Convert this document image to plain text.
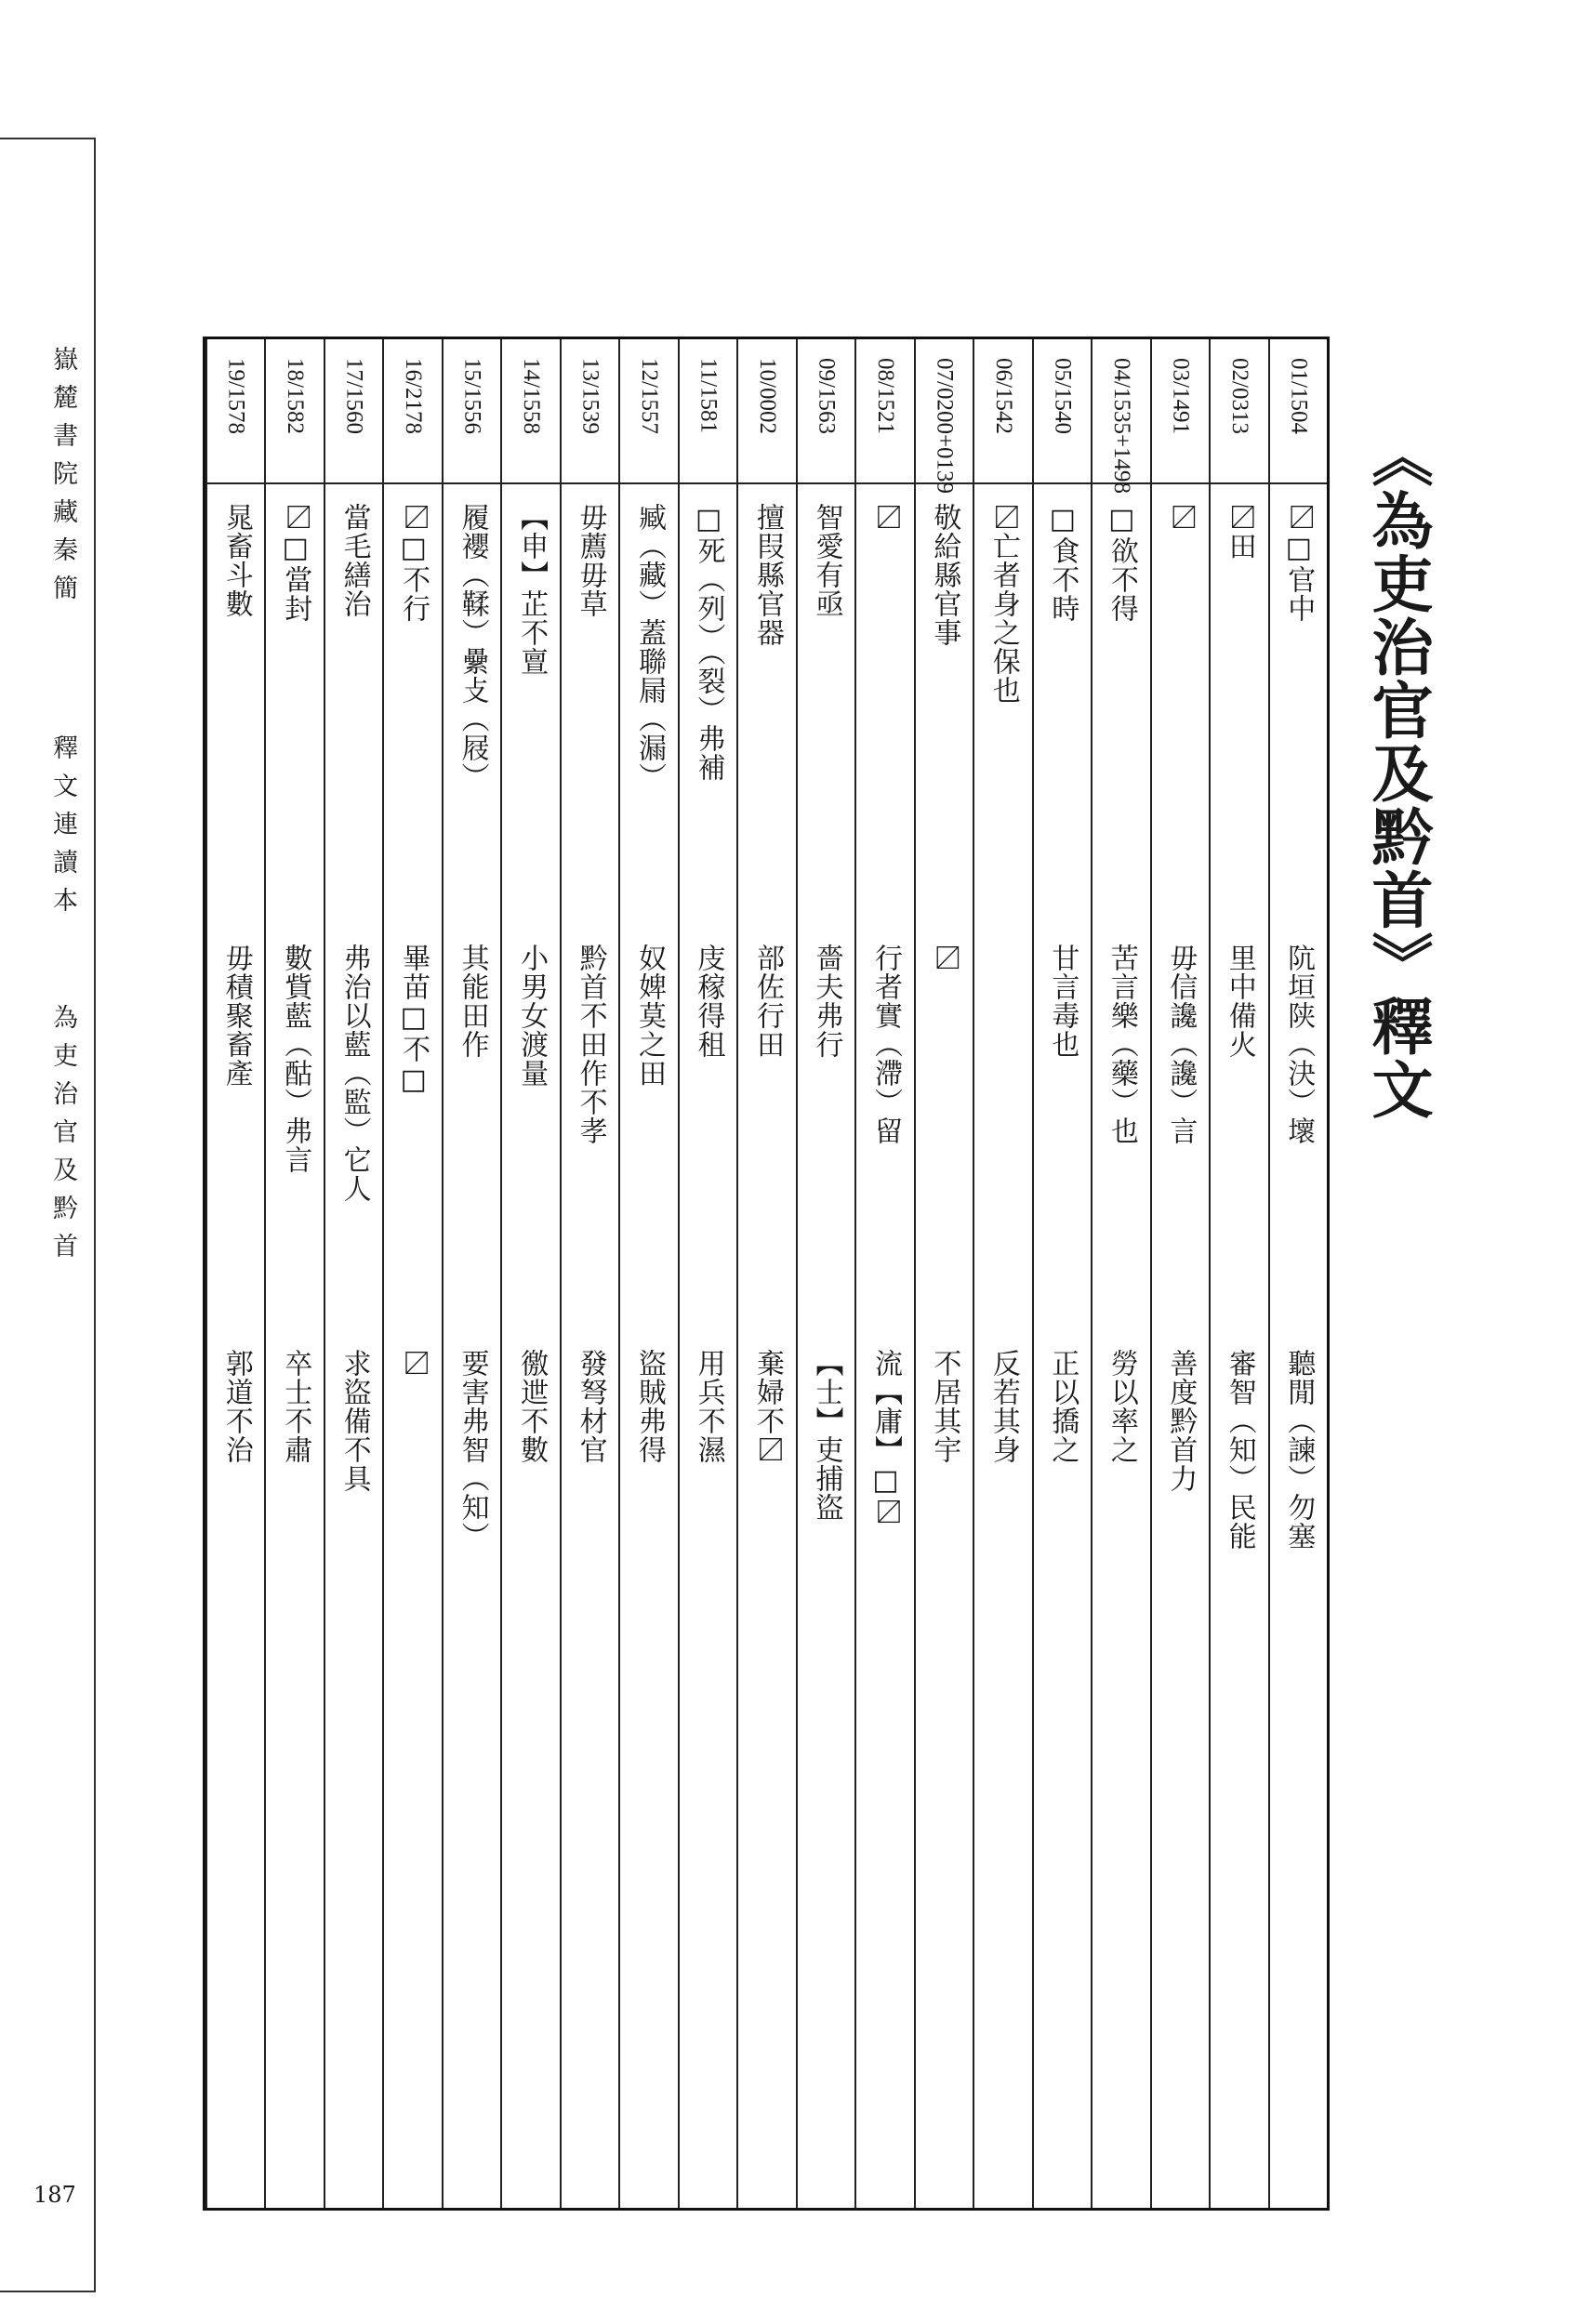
嶽麓書院藏秦簡
釋文連讀本
為吏治官及黔首
187
《為吏治官及黔首》釋文
01/1504
〼□官中
阬垣陕（決）壞
聽閒（諫）勿塞
02/0313
〼田
里中備火
審智（知）民能
03/1491
〼
毋信讒（讒）言
善度黔首力
04/1535+1498
□欲不得
苦言樂（藥）也
勞以率之
05/1540
□食不時
甘言毒也
正以撟之
06/1542
〼亡者身之保也
反若其身
07/0200+0139
敬給縣官事
〼
不居其宇
08/1521
〼
行者實（滯）留
流【庸】□〼
09/1563
智愛有亟
嗇夫弗行
【士】吏捕盜
10/0002
擅叚縣官器
部佐行田
棄婦不〼
11/1581
□死（列）（裂）弗補
庋稼得租
用兵不濕
12/1557
臧（藏）蓋聯屚（漏）
奴婢莫之田
盜賊弗得
13/1539
毋薦毋草
黔首不田作不孝
發弩材官
14/1558
【申】芷不亶
小男女渡量
徼迣不數
15/1556
履䙬（鞣）纍攴（屐）
其能田作
要害弗智（知）
16/2178
〼□不行
畢苗□不□
〼
17/1560
當毛繕治
弗治以藍（監）它人
求盜備不具
18/1582
〼□當封
數貲藍（酤）弗言
卒士不肅
19/1578
晁畜斗數
毋積聚畜產
郭道不治
